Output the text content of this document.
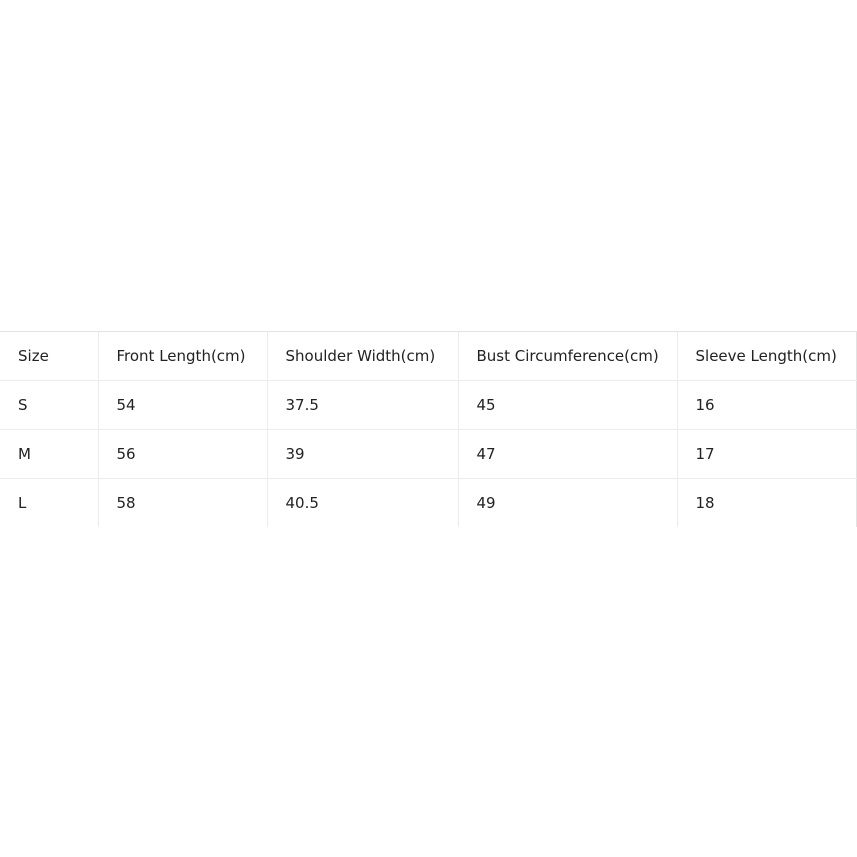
Size	Front Length(cm)	Shoulder Width(cm)	Bust Circumference(cm)	Sleeve Length(cm)
S	54	37.5	45	16
M	56	39	47	17
L	58	40.5	49	18
